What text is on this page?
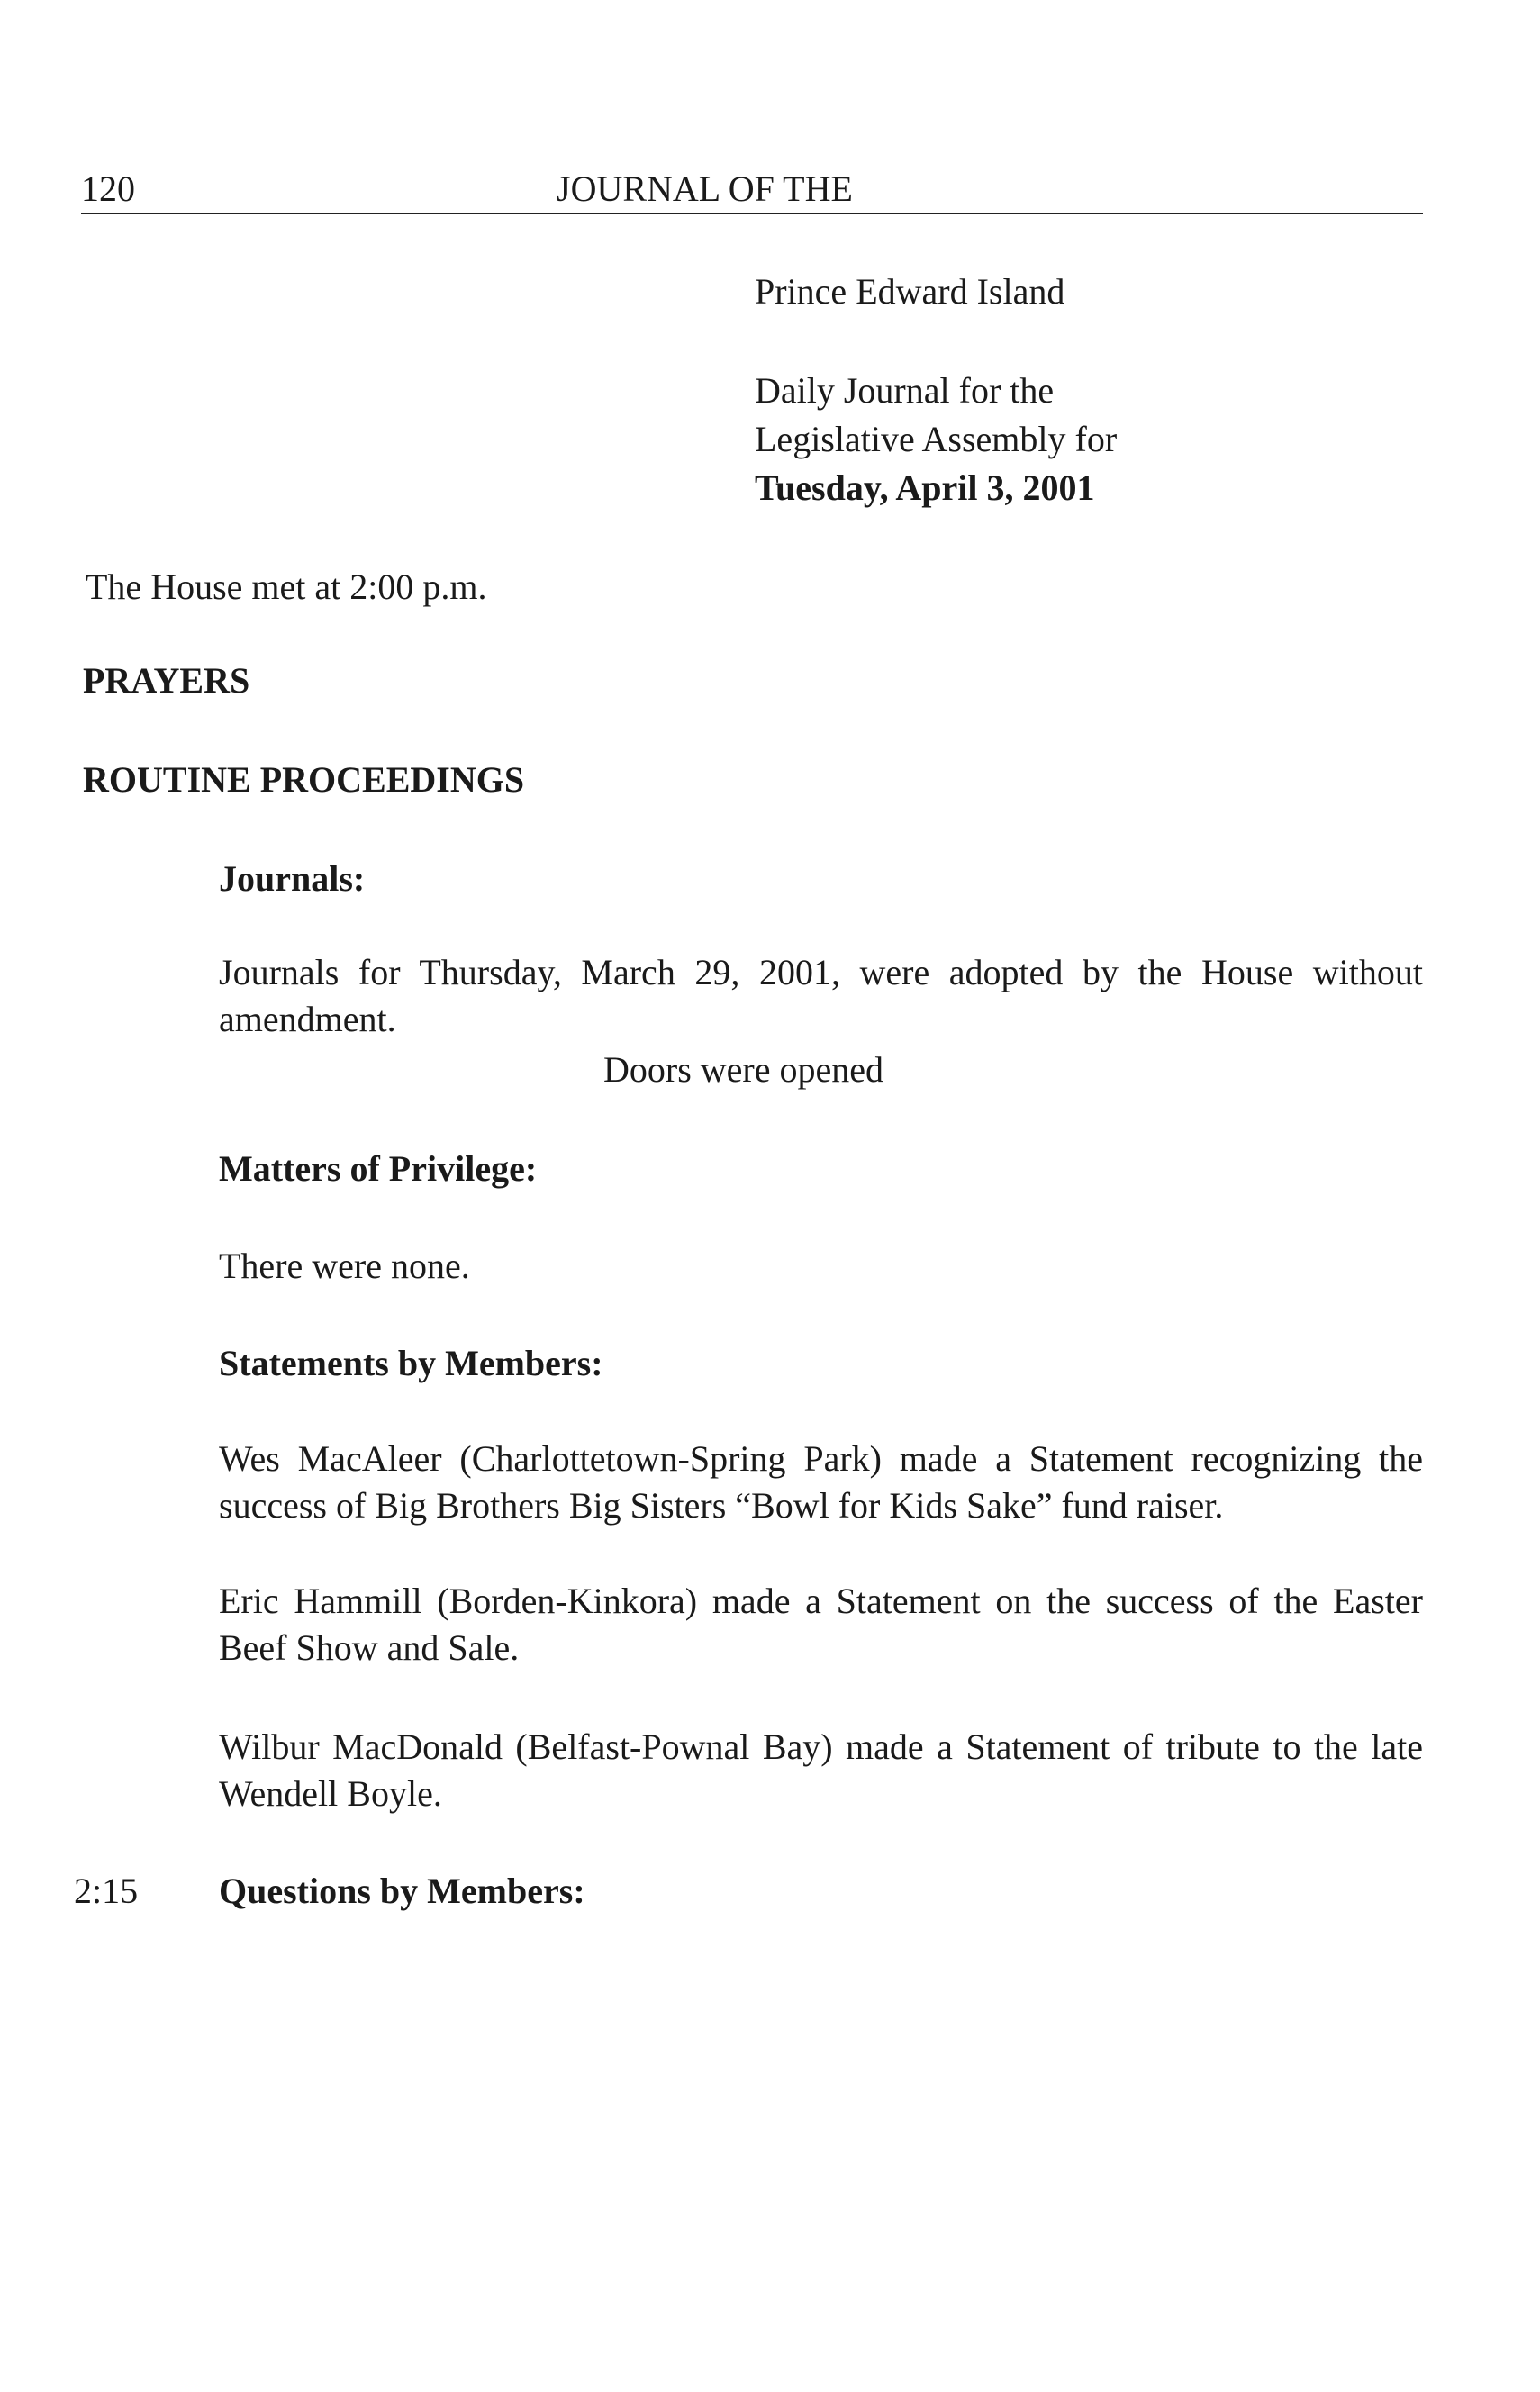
120	JOURNAL OF THE
Prince Edward Island
Daily Journal for the
Legislative Assembly for
Tuesday, April 3, 2001
The House met at 2:00 p.m.
PRAYERS
ROUTINE PROCEEDINGS
Journals:
Journals for Thursday, March 29, 2001, were adopted by the House without amendment.
Doors were opened
Matters of Privilege:
There were none.
Statements by Members:
Wes MacAleer (Charlottetown-Spring Park) made a Statement recognizing the success of Big Brothers Big Sisters “Bowl for Kids Sake” fund raiser.
Eric Hammill (Borden-Kinkora) made a Statement on the success of the Easter Beef Show and Sale.
Wilbur MacDonald (Belfast-Pownal Bay) made a Statement of tribute to the late Wendell Boyle.
2:15 Questions by Members:
